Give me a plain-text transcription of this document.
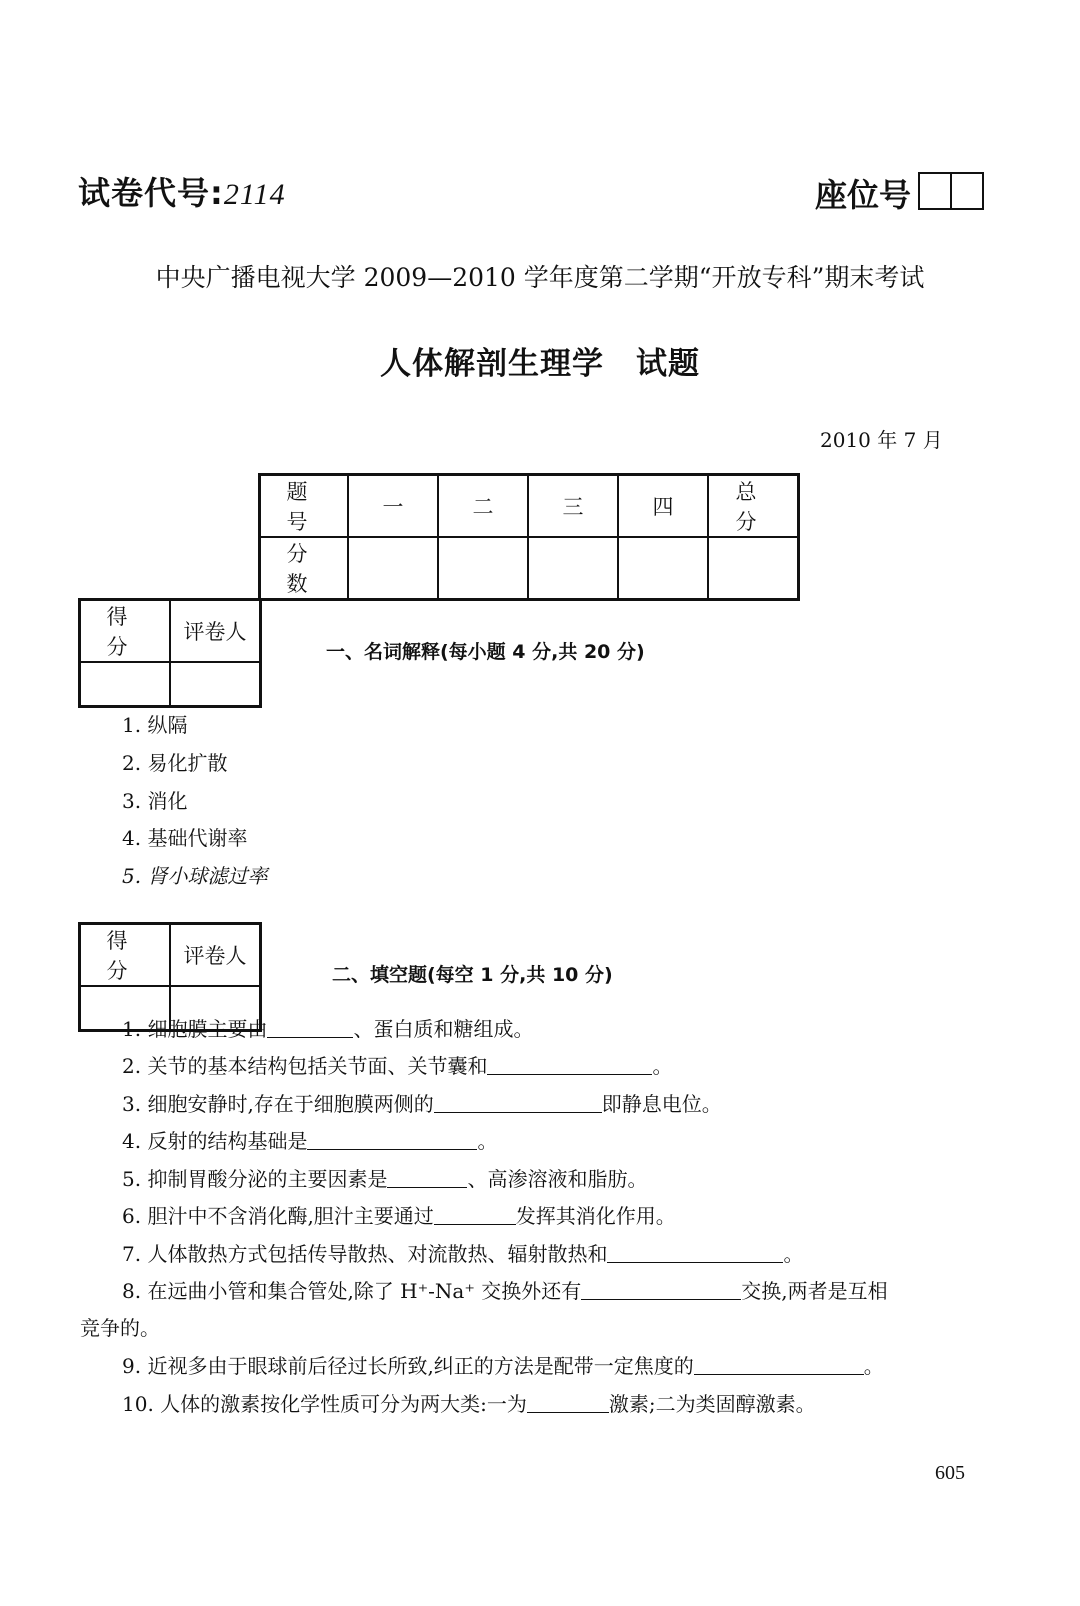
试卷代号:2114	座位号
中央广播电视大学 2009—2010 学年度第二学期“开放专科”期末考试
人体解剖生理学　试题
2010 年 7 月
题 号	一	二	三	四	总 分
分 数					
得 分	评卷人

一、名词解释(每小题 4 分,共 20 分)
1. 纵隔
2. 易化扩散
3. 消化
4. 基础代谢率
5. 肾小球滤过率
得 分	评卷人

二、填空题(每空 1 分,共 10 分)
1. 细胞膜主要由	、蛋白质和糖组成。
2. 关节的基本结构包括关节面、关节囊和	。
3. 细胞安静时,存在于细胞膜两侧的	即静息电位。
4. 反射的结构基础是	。
5. 抑制胃酸分泌的主要因素是	、高渗溶液和脂肪。
6. 胆汁中不含消化酶,胆汁主要通过	发挥其消化作用。
7. 人体散热方式包括传导散热、对流散热、辐射散热和	。
8. 在远曲小管和集合管处,除了 H⁺-Na⁺ 交换外还有	交换,两者是互相
竞争的。
9. 近视多由于眼球前后径过长所致,纠正的方法是配带一定焦度的	。
10. 人体的激素按化学性质可分为两大类:一为	激素;二为类固醇激素。
605
